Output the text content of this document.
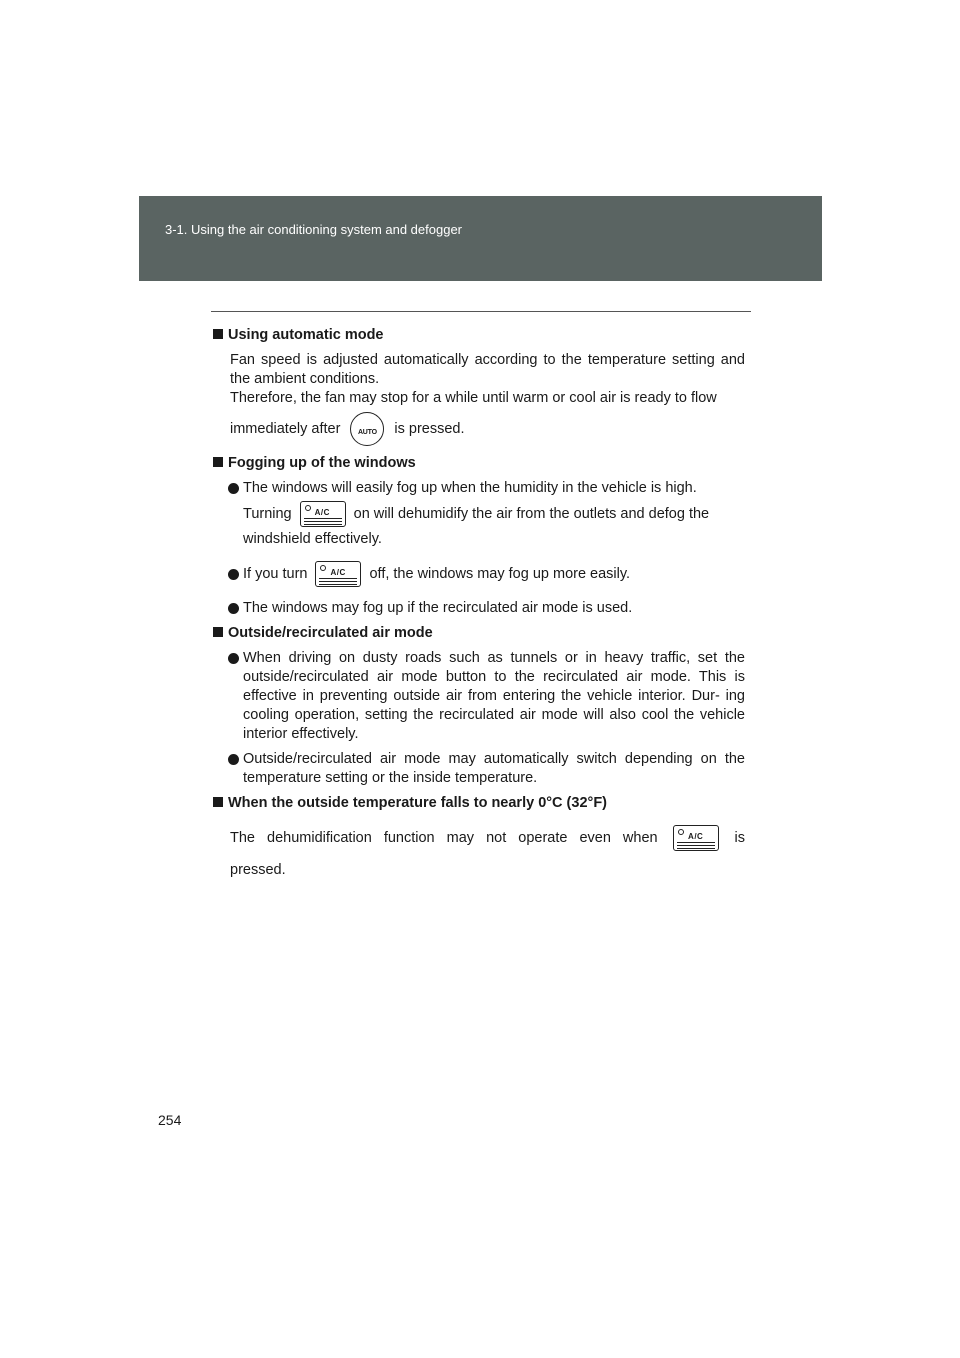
3-1. Using the air conditioning system and defogger
Using automatic mode
Fan speed is adjusted automatically according to the temperature setting and the ambient conditions.
Therefore, the fan may stop for a while until warm or cool air is ready to flow
immediately after	AUTO	is pressed.
Fogging up of the windows
The windows will easily fog up when the humidity in the vehicle is high.
Turning	A/C on will dehumidify the air from the outlets and defog the
windshield effectively.
If you turn	A/C off, the windows may fog up more easily.
The windows may fog up if the recirculated air mode is used.
Outside/recirculated air mode
When driving on dusty roads such as tunnels or in heavy traffic, set the outside/recirculated air mode button to the recirculated air mode. This is effective in preventing outside air from entering the vehicle interior. Dur- ing cooling operation, setting the recirculated air mode will also cool the vehicle interior effectively.
Outside/recirculated air mode may automatically switch depending on the temperature setting or the inside temperature.
When the outside temperature falls to nearly 0°C (32°F)
The dehumidification function may not operate even when	A/C is
pressed.
254
